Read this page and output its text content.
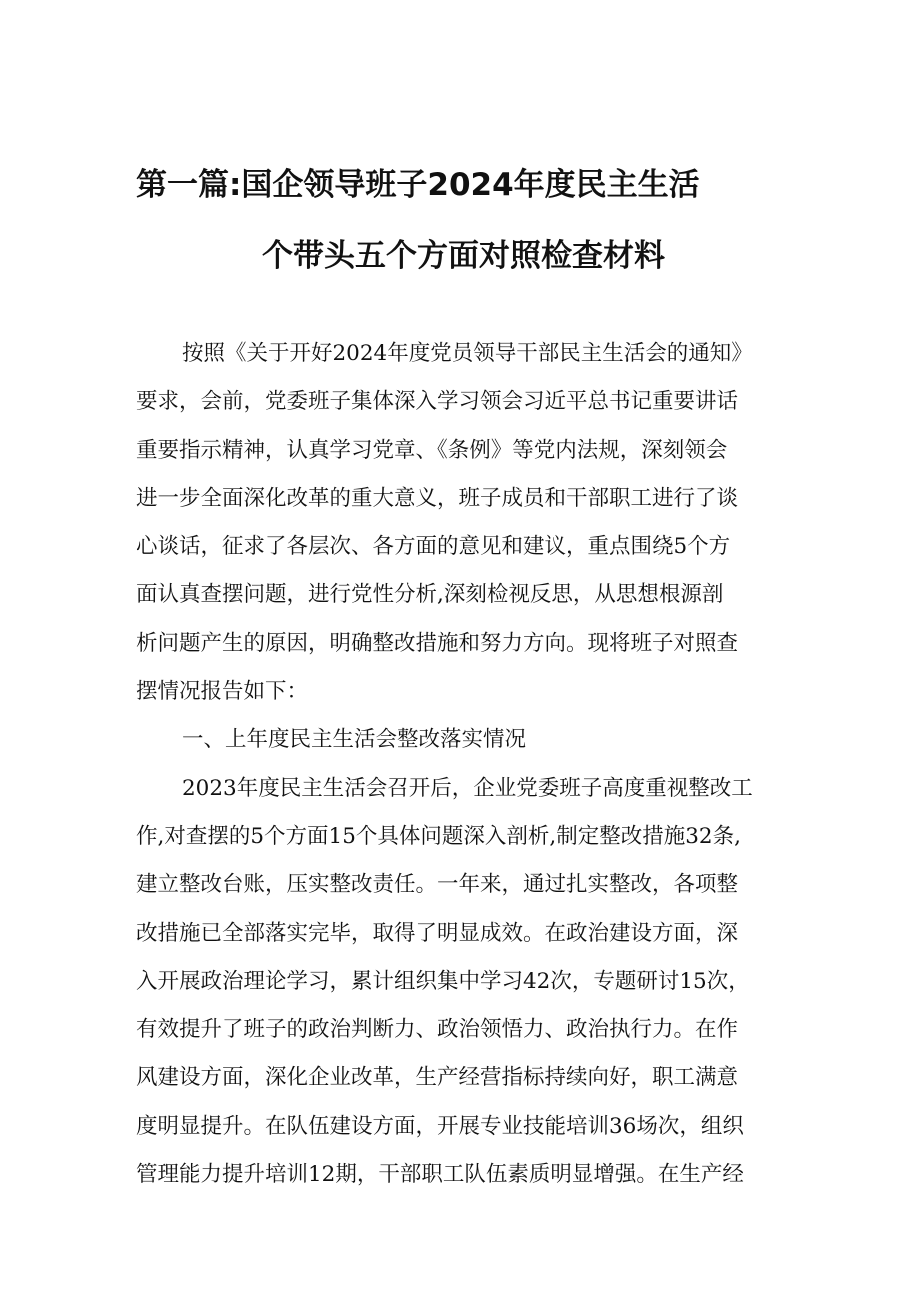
第一篇:国企领导班子2024年度民主生活
个带头五个方面对照检查材料
按照《关于开好2024年度党员领导干部民主生活会的通知》
要求，会前，党委班子集体深入学习领会习近平总书记重要讲话
重要指示精神，认真学习党章、《条例》等党内法规，深刻领会
进一步全面深化改革的重大意义，班子成员和干部职工进行了谈
心谈话，征求了各层次、各方面的意见和建议，重点围绕5个方
面认真查摆问题，进行党性分析,深刻检视反思，从思想根源剖
析问题产生的原因，明确整改措施和努力方向。现将班子对照查
摆情况报告如下：
一、上年度民主生活会整改落实情况
2023年度民主生活会召开后，企业党委班子高度重视整改工
作,对查摆的5个方面15个具体问题深入剖析,制定整改措施32条,
建立整改台账，压实整改责任。一年来，通过扎实整改，各项整
改措施已全部落实完毕，取得了明显成效。在政治建设方面，深
入开展政治理论学习，累计组织集中学习42次，专题研讨15次，
有效提升了班子的政治判断力、政治领悟力、政治执行力。在作
风建设方面，深化企业改革，生产经营指标持续向好，职工满意
度明显提升。在队伍建设方面，开展专业技能培训36场次，组织
管理能力提升培训12期，干部职工队伍素质明显增强。在生产经
